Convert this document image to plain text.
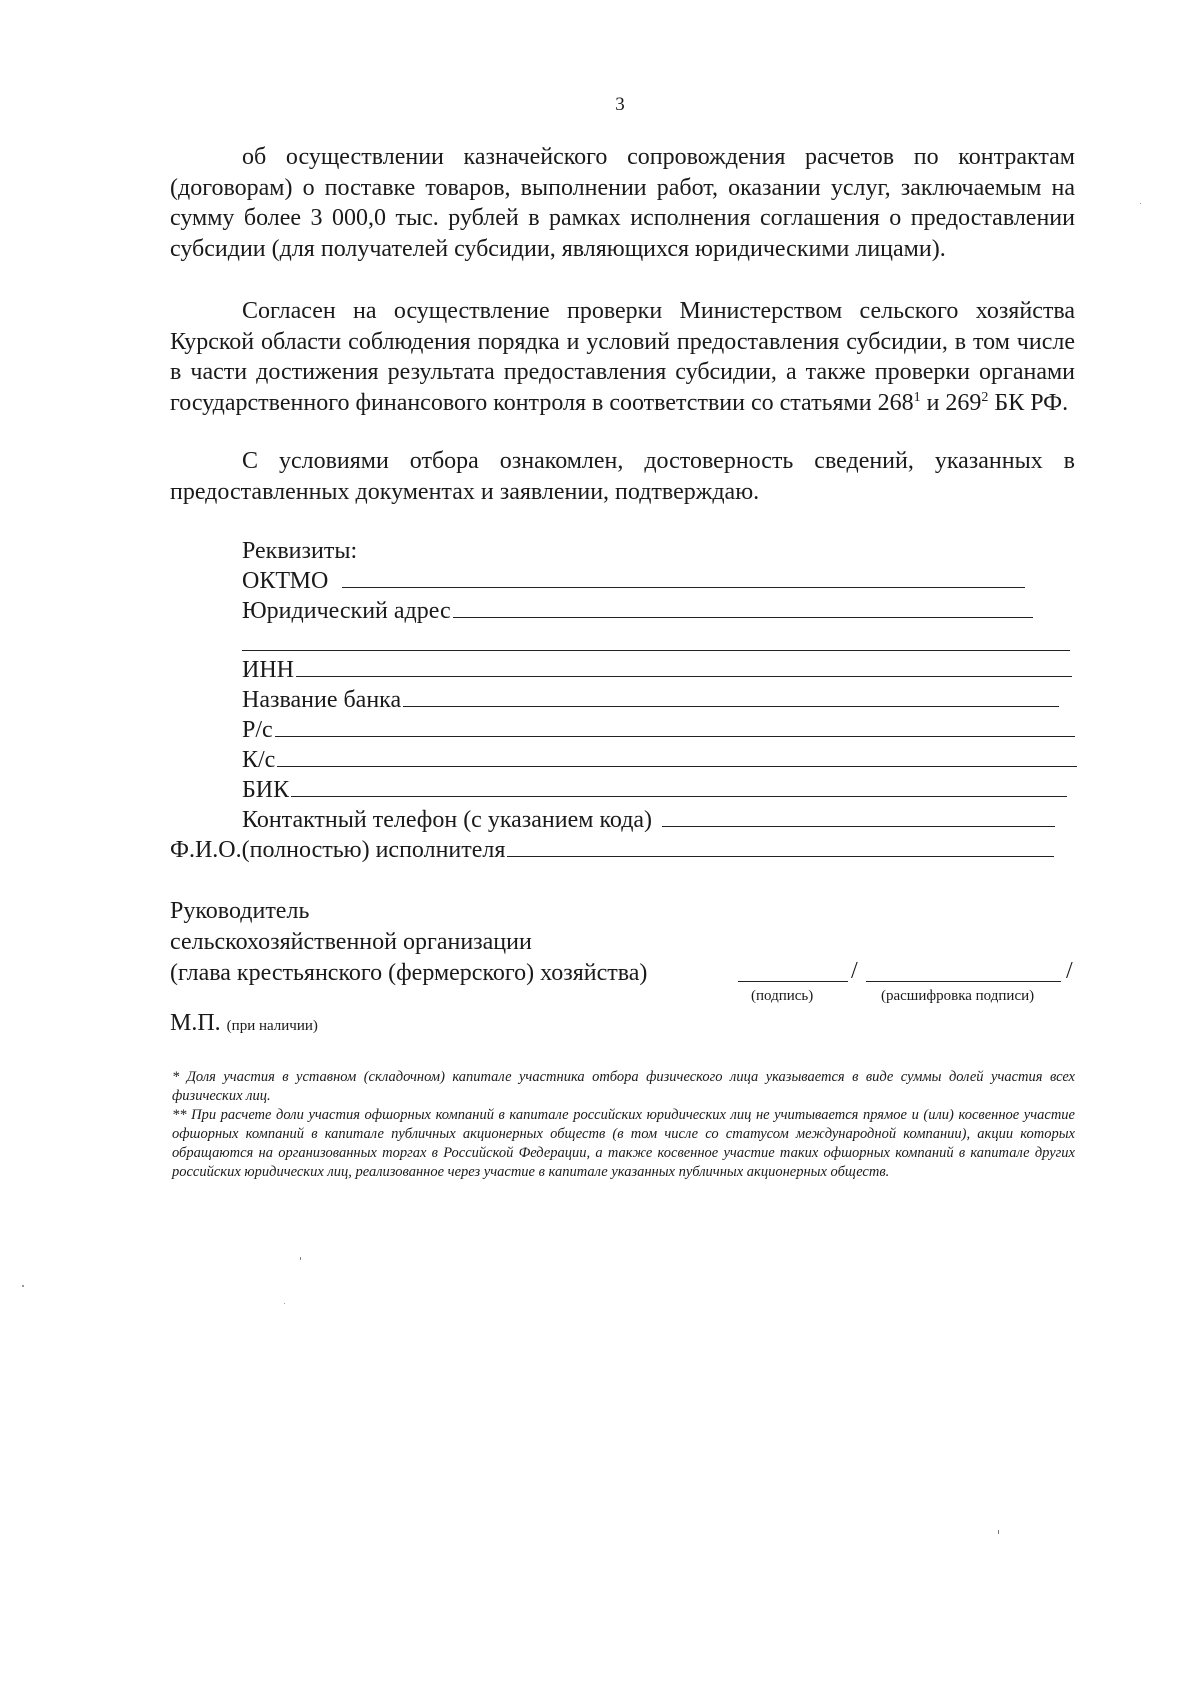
3
об осуществлении казначейского сопровождения расчетов по контрактам (договорам) о поставке товаров, выполнении работ, оказании услуг, заключаемым на сумму более 3 000,0 тыс. рублей в рамках исполнения соглашения о предоставлении субсидии (для получателей субсидии, являющихся юридическими лицами).
Согласен на осуществление проверки Министерством сельского хозяйства Курской области соблюдения порядка и условий предоставления субсидии, в том числе в части достижения результата предоставления субсидии, а также проверки органами государственного финансового контроля в соответствии со статьями $268^1$ и $269^2$ БК РФ.
С условиями отбора ознакомлен, достоверность сведений, указанных в предоставленных документах и заявлении, подтверждаю.
Реквизиты:
ОКТМО
Юридический адрес
ИНН
Название банка
Р/с
К/с
БИК
Контактный телефон (с указанием кода)
Ф.И.О.(полностью) исполнителя
Руководитель
сельскохозяйственной организации
(глава крестьянского (фермерского) хозяйства)	/	/
(подпись)	(расшифровка подписи)
М.П. (при наличии)
* Доля участия в уставном (складочном) капитале участника отбора физического лица указывается в виде суммы долей участия всех физических лиц.
** При расчете доли участия офшорных компаний в капитале российских юридических лиц не учитывается прямое и (или) косвенное участие офшорных компаний в капитале публичных акционерных обществ (в том числе со статусом международной компании), акции которых обращаются на организованных торгах в Российской Федерации, а также косвенное участие таких офшорных компаний в капитале других российских юридических лиц, реализованное через участие в капитале указанных публичных акционерных обществ.
